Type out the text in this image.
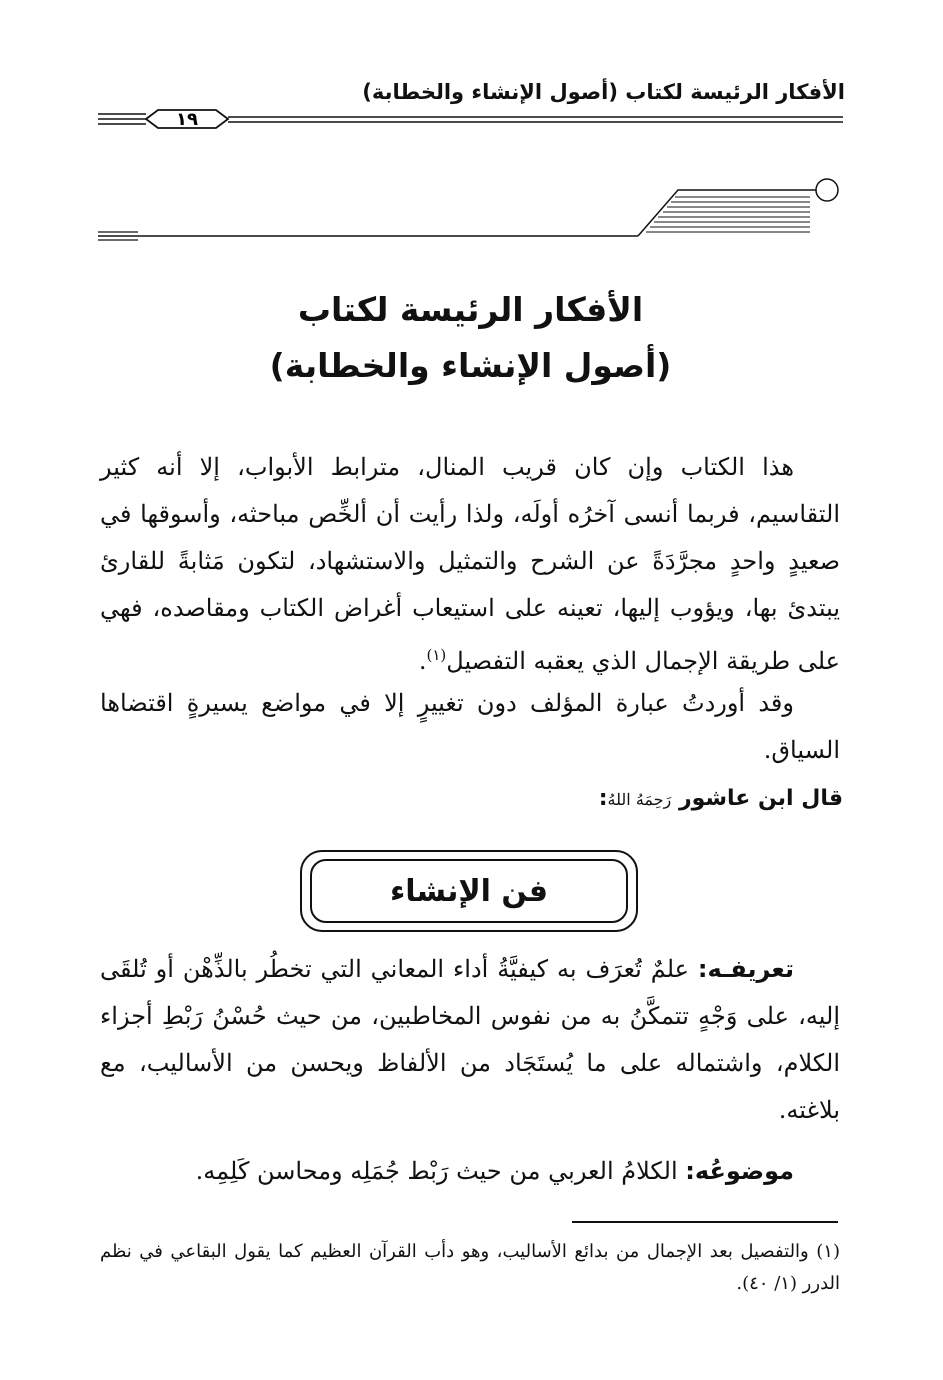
الأفكار الرئيسة لكتاب (أصول الإنشاء والخطابة)
١٩
الأفكار الرئيسة لكتاب
(أصول الإنشاء والخطابة)
هذا الكتاب وإن كان قريب المنال، مترابط الأبواب، إلا أنه كثير التقاسيم، فربما أنسى آخرُه أولَه، ولذا رأيت أن ألخِّص مباحثه، وأسوقها في صعيدٍ واحدٍ مجرَّدَةً عن الشرح والتمثيل والاستشهاد، لتكون مَثابةً للقارئ يبتدئ بها، ويؤوب إليها، تعينه على استيعاب أغراض الكتاب ومقاصده، فهي على طريقة الإجمال الذي يعقبه التفصيل$^{(١)}$.
وقد أوردتُ عبارة المؤلف دون تغييرٍ إلا في مواضع يسيرةٍ اقتضاها السياق.
قال ابن عاشور رَحِمَهُ اللهُ:
فن الإنشاء
تعريفـه: علمٌ تُعرَف به كيفيَّةُ أداء المعاني التي تخطُر بالذِّهْن أو تُلقَى إليه، على وَجْهٍ تتمكَّنُ به من نفوس المخاطبين، من حيث حُسْنُ رَبْطِ أجزاء الكلام، واشتماله على ما يُستَجَاد من الألفاظ ويحسن من الأساليب، مع بلاغته.
موضوعُه: الكلامُ العربي من حيث رَبْط جُمَلِه ومحاسن كَلِمِه.
(١) والتفصيل بعد الإجمال من بدائع الأساليب، وهو دأب القرآن العظيم كما يقول البقاعي في نظم الدرر (١/ ٤٠).
